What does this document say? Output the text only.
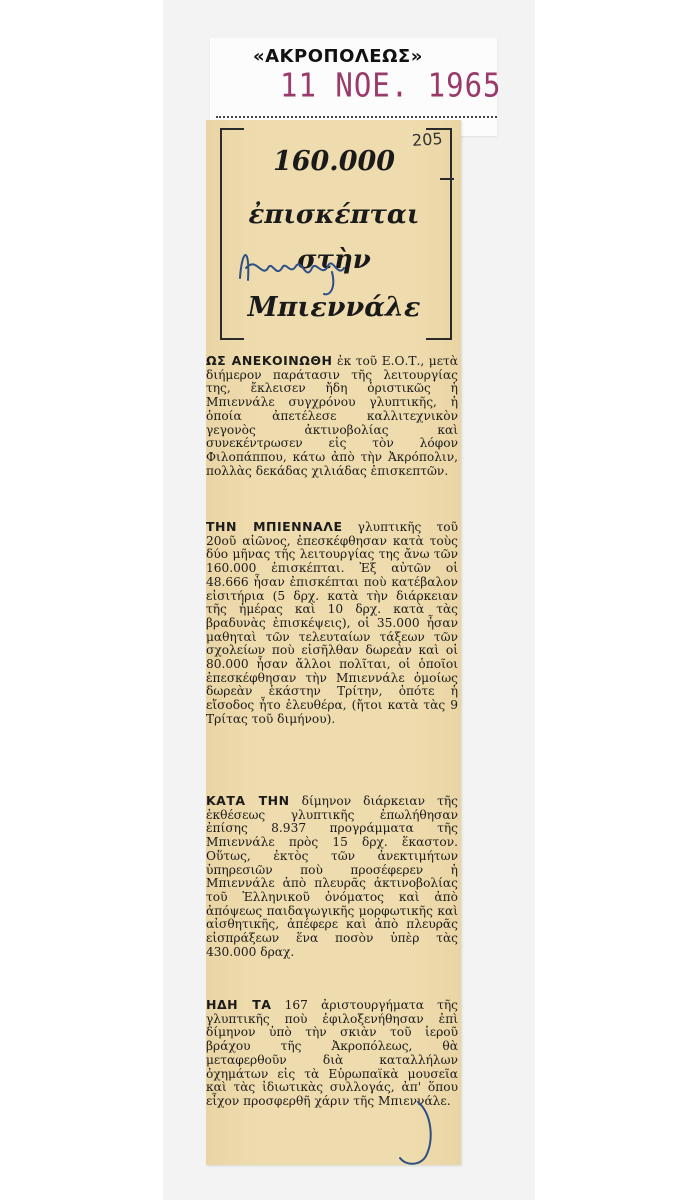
«ΑΚΡΟΠΟΛΕΩΣ»
11 NOE. 1965
205
160.000
ἐπισκέπται
στὴν
Μπιεννάλε
ΩΣ ΑΝΕΚΟΙΝΩΘΗ ἐκ τοῦ Ε.Ο.Τ., μετὰ διήμερον παράτασιν τῆς λειτουργίας της, ἔκλεισεν ἤδη ὁριστικῶς ἡ Μπιεννάλε συγχρόνου γλυπτικῆς, ἡ ὁποία ἀπετέλεσε καλλιτεχνικὸν γεγονὸς ἀκτινοβολίας καὶ συνεκέντρωσεν εἰς τὸν λόφον Φιλοπάππου, κάτω ἀπὸ τὴν Ἀκρόπολιν, πολλὰς δεκάδας χιλιάδας ἐπισκεπτῶν.
ΤΗΝ ΜΠΙΕΝΝΑΛΕ γλυπτικῆς τοῦ 20οῦ αἰῶνος, ἐπεσκέφθησαν κατὰ τοὺς δύο μῆνας τῆς λειτουργίας της ἄνω τῶν 160.000 ἐπισκέπται. Ἐξ αὐτῶν οἱ 48.666 ἦσαν ἐπισκέπται ποὺ κατέβαλον εἰσιτήρια (5 δρχ. κατὰ τὴν διάρκειαν τῆς ἡμέρας καὶ 10 δρχ. κατὰ τὰς βραδυνὰς ἐπισκέψεις), οἱ 35.000 ἦσαν μαθηταὶ τῶν τελευταίων τάξεων τῶν σχολείων ποὺ εἰσῆλθαν δωρεὰν καὶ οἱ 80.000 ἦσαν ἄλλοι πολῖται, οἱ ὁποῖοι ἐπεσκέφθησαν τὴν Μπιεννάλε ὁμοίως δωρεὰν ἑκάστην Τρίτην, ὁπότε ἡ εἴσοδος ἦτο ἐλευθέρα, (ἤτοι κατὰ τὰς 9 Τρίτας τοῦ διμήνου).
ΚΑΤΑ ΤΗΝ δίμηνον διάρκειαν τῆς ἐκθέσεως γλυπτικῆς ἐπωλήθησαν ἐπίσης 8.937 προγράμματα τῆς Μπιεννάλε πρὸς 15 δρχ. ἕκαστον. Οὕτως, ἐκτὸς τῶν ἀνεκτιμήτων ὑπηρεσιῶν ποὺ προσέφερεν ἡ Μπιεννάλε ἀπὸ πλευρᾶς ἀκτινοβολίας τοῦ Ἑλληνικοῦ ὀνόματος καὶ ἀπὸ ἀπόψεως παιδαγωγικῆς μορφωτικῆς καὶ αἰσθητικῆς, ἀπέφερε καὶ ἀπὸ πλευρᾶς εἰσπράξεων ἕνα ποσὸν ὑπὲρ τὰς 430.000 δραχ.
ΗΔΗ ΤΑ 167 ἀριστουργήματα τῆς γλυπτικῆς ποὺ ἐφιλοξενήθησαν ἐπὶ δίμηνον ὑπὸ τὴν σκιὰν τοῦ ἱεροῦ βράχου τῆς Ἀκροπόλεως, θὰ μεταφερθοῦν διὰ καταλλήλων ὀχημάτων εἰς τὰ Εὐρωπαϊκὰ μουσεῖα καὶ τὰς ἰδιωτικὰς συλλογάς, ἀπ' ὅπου εἶχον προσφερθῆ χάριν τῆς Μπιεννάλε.
